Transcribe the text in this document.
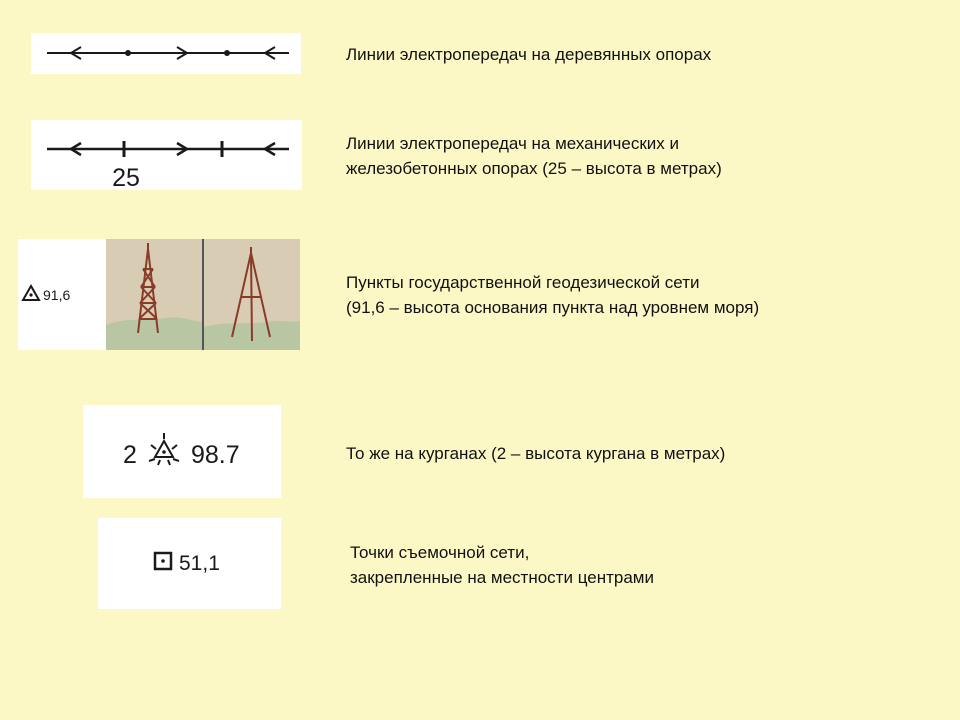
Линии электропередач на деревянных опорах

25

Линии электропередач на механических и
железобетонных опорах (25 – высота в метрах)

91,6

Пункты государственной геодезической сети
(91,6 – высота основания пункта над уровнем моря)

2 98.7	То же на курганах (2 – высота кургана в метрах)

51,1	Точки съемочной сети,
закрепленные на местности центрами
